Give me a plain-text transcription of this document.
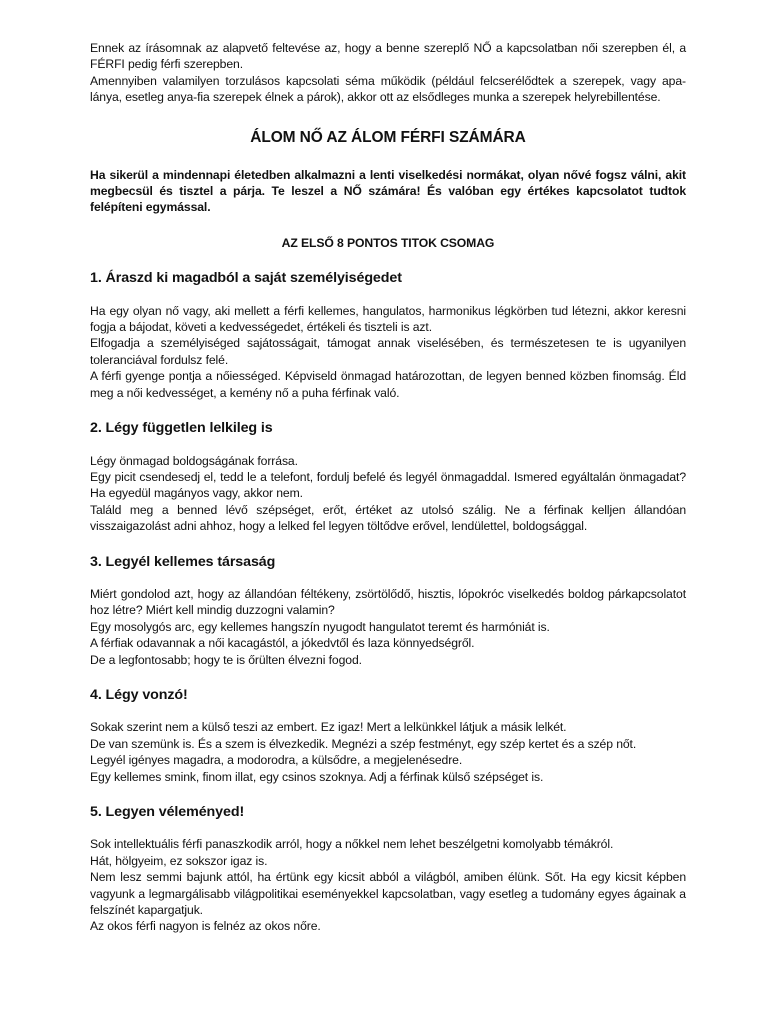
Ennek az írásomnak az alapvető feltevése az, hogy a benne szereplő NŐ a kapcsolatban női szerepben él, a FÉRFI pedig férfi szerepben.
Amennyiben valamilyen torzulásos kapcsolati séma működik (például felcserélődtek a szerepek, vagy apa-lánya, esetleg anya-fia szerepek élnek a párok), akkor ott az elsődleges munka a szerepek helyrebillentése.
ÁLOM NŐ AZ ÁLOM FÉRFI SZÁMÁRA

Ha sikerül a mindennapi életedben alkalmazni a lenti viselkedési normákat, olyan nővé fogsz válni, akit megbecsül és tisztel a párja. Te leszel a NŐ számára! És valóban egy értékes kapcsolatot tudtok felépíteni egymással.

AZ ELSŐ 8 PONTOS TITOK CSOMAG
1. Áraszd ki magadból a saját személyiségedet
Ha egy olyan nő vagy, aki mellett a férfi kellemes, hangulatos, harmonikus légkörben tud létezni, akkor keresni fogja a bájodat, követi a kedvességedet, értékeli és tiszteli is azt.
Elfogadja a személyiséged sajátosságait, támogat annak viselésében, és természetesen te is ugyanilyen toleranciával fordulsz felé.
A férfi gyenge pontja a nőiességed. Képviseld önmagad határozottan, de legyen benned közben finomság. Éld meg a női kedvességet, a kemény nő a puha férfinak való.
2. Légy független lelkileg is
Légy önmagad boldogságának forrása.
Egy picit csendesedj el, tedd le a telefont, fordulj befelé és legyél önmagaddal. Ismered egyáltalán önmagadat? Ha egyedül magányos vagy, akkor nem.
Találd meg a benned lévő szépséget, erőt, értéket az utolsó szálig. Ne a férfinak kelljen állandóan visszaigazolást adni ahhoz, hogy a lelked fel legyen töltődve erővel, lendülettel, boldogsággal.
3. Legyél kellemes társaság
Miért gondolod azt, hogy az állandóan féltékeny, zsörtölődő, hisztis, lópokróc viselkedés boldog párkapcsolatot hoz létre? Miért kell mindig duzzogni valamin?
Egy mosolygós arc, egy kellemes hangszín nyugodt hangulatot teremt és harmóniát is.
A férfiak odavannak a női kacagástól, a jókedvtől és laza könnyedségről.
De a legfontosabb; hogy te is őrülten élvezni fogod.
4. Légy vonzó!
Sokak szerint nem a külső teszi az embert. Ez igaz! Mert a lelkünkkel látjuk a másik lelkét.
De van szemünk is. És a szem is élvezkedik. Megnézi a szép festményt, egy szép kertet és a szép nőt.
Legyél igényes magadra, a modorodra, a külsődre, a megjelenésedre.
Egy kellemes smink, finom illat, egy csinos szoknya. Adj a férfinak külső szépséget is.
5. Legyen véleményed!
Sok intellektuális férfi panaszkodik arról, hogy a nőkkel nem lehet beszélgetni komolyabb témákról.
Hát, hölgyeim, ez sokszor igaz is.
Nem lesz semmi bajunk attól, ha értünk egy kicsit abból a világból, amiben élünk. Sőt. Ha egy kicsit képben vagyunk a legmargálisabb világpolitikai eseményekkel kapcsolatban, vagy esetleg a tudomány egyes ágainak a felszínét kapargatjuk.
Az okos férfi nagyon is felnéz az okos nőre.
